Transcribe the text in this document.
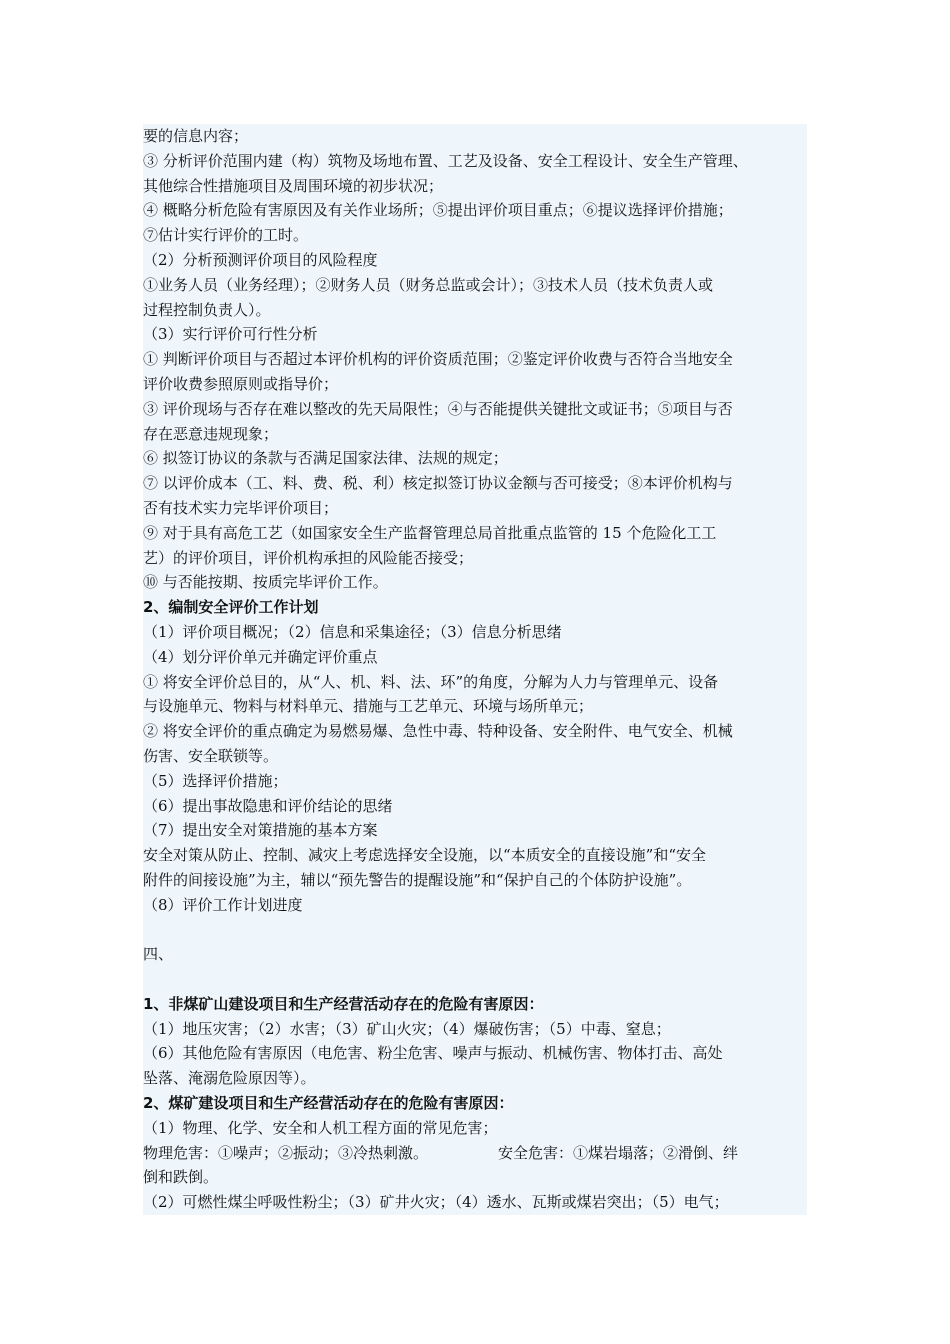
要的信息内容；
③ 分析评价范围内建（构）筑物及场地布置、工艺及设备、安全工程设计、安全生产管理、
其他综合性措施项目及周围环境的初步状况；
④ 概略分析危险有害原因及有关作业场所；⑤提出评价项目重点；⑥提议选择评价措施；
⑦估计实行评价的工时。
（2）分析预测评价项目的风险程度
①业务人员（业务经理）；②财务人员（财务总监或会计）；③技术人员（技术负责人或
过程控制负责人）。
（3）实行评价可行性分析
① 判断评价项目与否超过本评价机构的评价资质范围；②鉴定评价收费与否符合当地安全
评价收费参照原则或指导价；
③ 评价现场与否存在难以整改的先天局限性；④与否能提供关键批文或证书；⑤项目与否
存在恶意违规现象；
⑥ 拟签订协议的条款与否满足国家法律、法规的规定；
⑦ 以评价成本（工、料、费、税、利）核定拟签订协议金额与否可接受；⑧本评价机构与
否有技术实力完毕评价项目；
⑨ 对于具有高危工艺（如国家安全生产监督管理总局首批重点监管的 15 个危险化工工
艺）的评价项目，评价机构承担的风险能否接受；
⑩ 与否能按期、按质完毕评价工作。
2、编制安全评价工作计划
（1）评价项目概况；（2）信息和采集途径；（3）信息分析思绪
（4）划分评价单元并确定评价重点
① 将安全评价总目的，从“人、机、料、法、环”的角度，分解为人力与管理单元、设备
与设施单元、物料与材料单元、措施与工艺单元、环境与场所单元；
② 将安全评价的重点确定为易燃易爆、急性中毒、特种设备、安全附件、电气安全、机械
伤害、安全联锁等。
（5）选择评价措施；
（6）提出事故隐患和评价结论的思绪
（7）提出安全对策措施的基本方案
安全对策从防止、控制、减灾上考虑选择安全设施，以“本质安全的直接设施”和“安全
附件的间接设施”为主，辅以“预先警告的提醒设施”和“保护自己的个体防护设施”。
（8）评价工作计划进度
四、
1、非煤矿山建设项目和生产经营活动存在的危险有害原因：
（1）地压灾害；（2）水害；（3）矿山火灾；（4）爆破伤害；（5）中毒、窒息；
（6）其他危险有害原因（电危害、粉尘危害、噪声与振动、机械伤害、物体打击、高处
坠落、淹溺危险原因等）。
2、煤矿建设项目和生产经营活动存在的危险有害原因：
（1）物理、化学、安全和人机工程方面的常见危害；
物理危害：①噪声；②振动；③冷热刺激。	安全危害：①煤岩塌落；②滑倒、绊
倒和跌倒。
（2）可燃性煤尘呼吸性粉尘；（3）矿井火灾；（4）透水、瓦斯或煤岩突出；（5）电气；
